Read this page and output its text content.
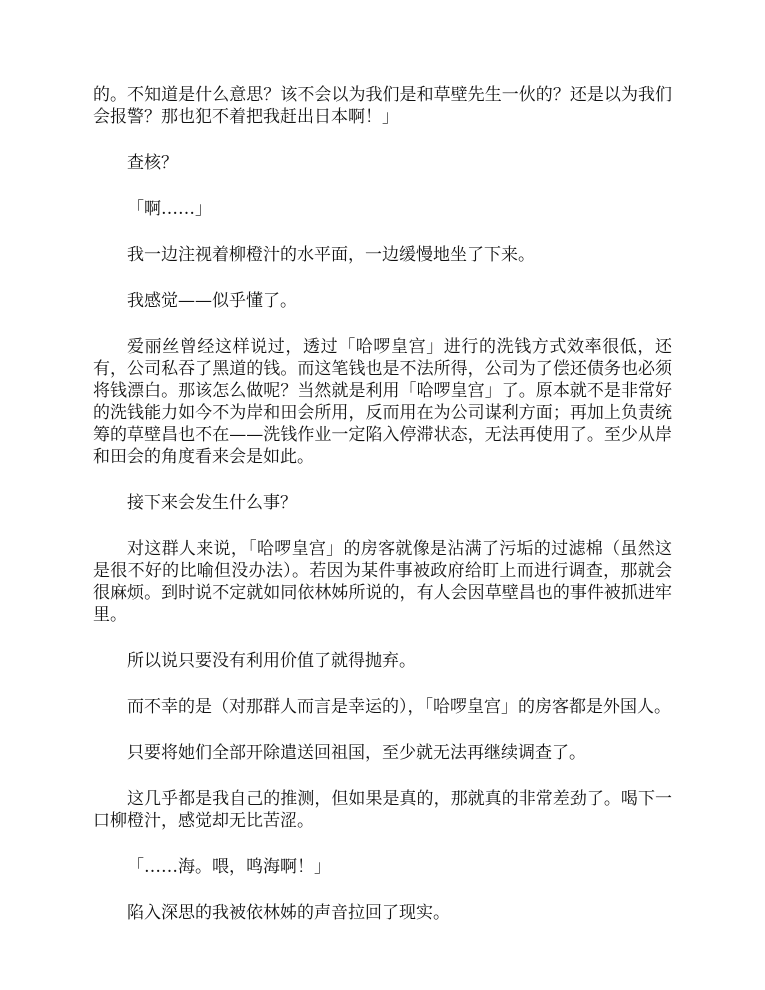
的。不知道是什么意思？该不会以为我们是和草壁先生一伙的？还是以为我们会报警？那也犯不着把我赶出日本啊！」

查核？

「啊……」

我一边注视着柳橙汁的水平面，一边缓慢地坐了下来。

我感觉——似乎懂了。

爱丽丝曾经这样说过，透过「哈啰皇宫」进行的洗钱方式效率很低，还有，公司私吞了黑道的钱。而这笔钱也是不法所得，公司为了偿还债务也必须将钱漂白。那该怎么做呢？当然就是利用「哈啰皇宫」了。原本就不是非常好的洗钱能力如今不为岸和田会所用，反而用在为公司谋利方面；再加上负责统筹的草壁昌也不在——洗钱作业一定陷入停滞状态，无法再使用了。至少从岸和田会的角度看来会是如此。

接下来会发生什么事？

对这群人来说，「哈啰皇宫」的房客就像是沾满了污垢的过滤棉（虽然这是很不好的比喻但没办法）。若因为某件事被政府给盯上而进行调查，那就会很麻烦。到时说不定就如同依林姊所说的，有人会因草壁昌也的事件被抓进牢里。

所以说只要没有利用价值了就得抛弃。

而不幸的是（对那群人而言是幸运的），「哈啰皇宫」的房客都是外国人。

只要将她们全部开除遣送回祖国，至少就无法再继续调查了。

这几乎都是我自己的推测，但如果是真的，那就真的非常差劲了。喝下一口柳橙汁，感觉却无比苦涩。

「……海。喂，鸣海啊！」

陷入深思的我被依林姊的声音拉回了现实。
